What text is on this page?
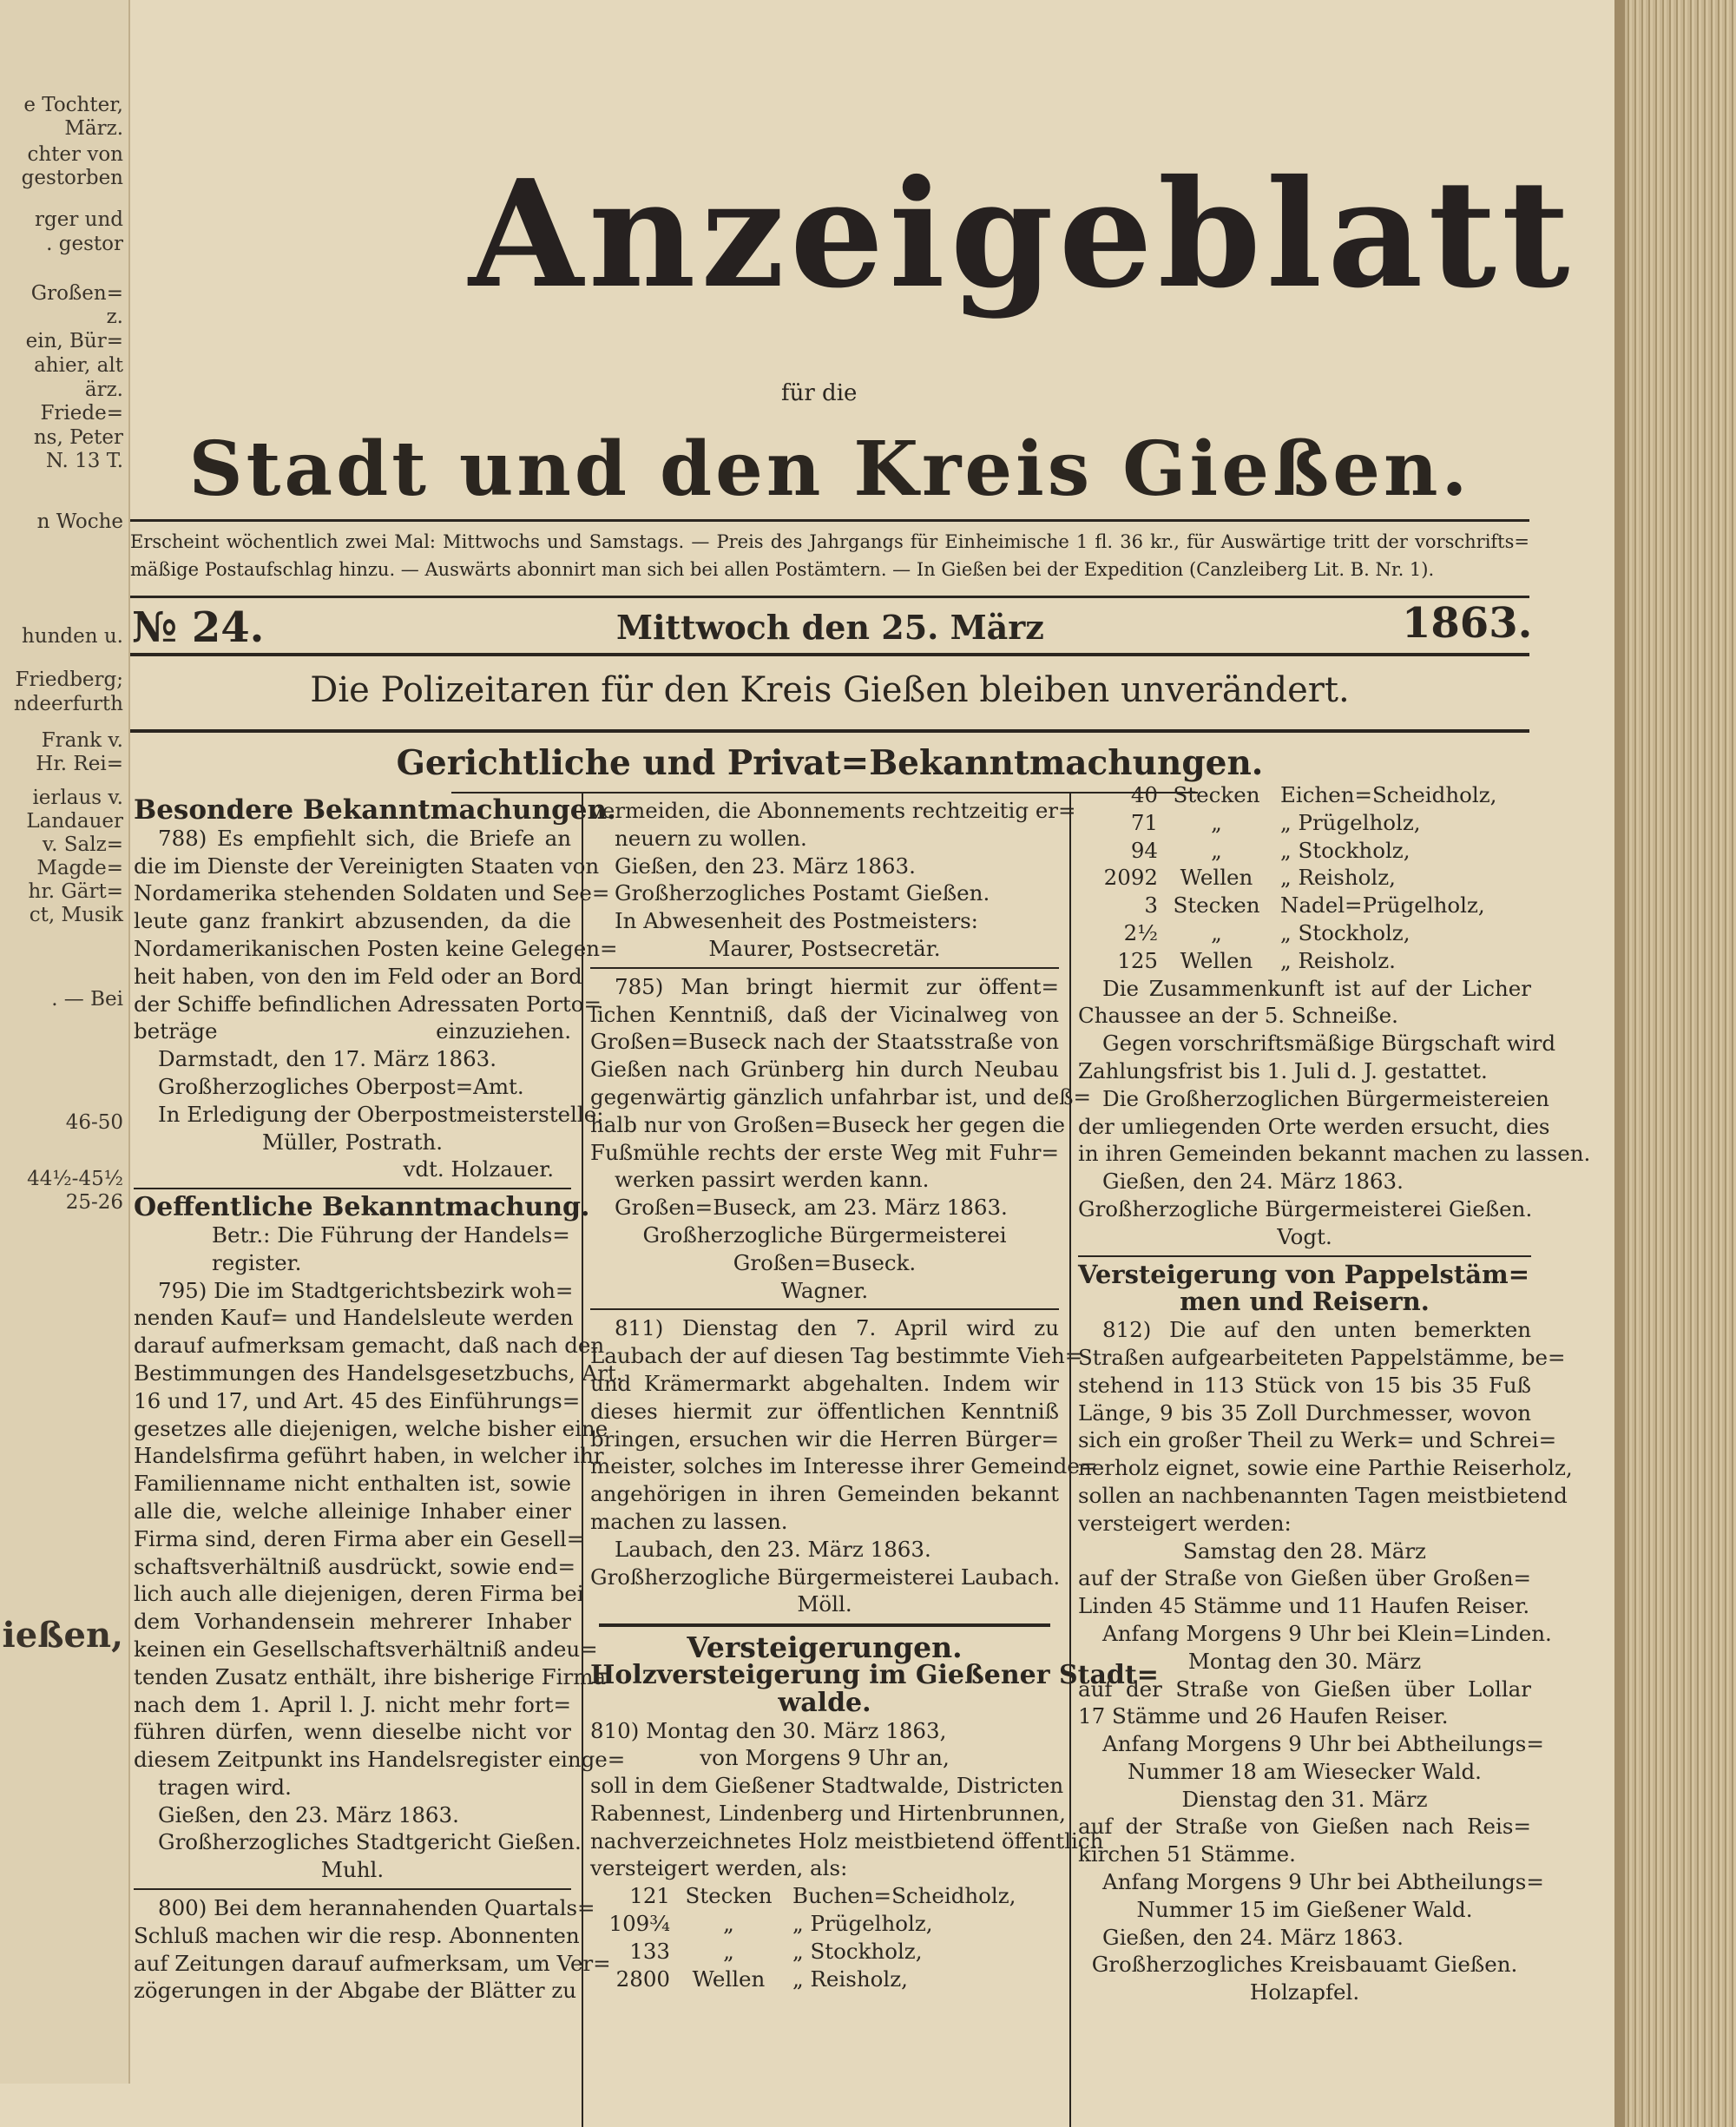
e Tochter,
März.
chter von
gestorben
rger und
. gestor
Großen=
z.
ein, Bür=
ahier, alt
ärz.
Friede=
ns, Peter
N. 13 T.
n Woche
hunden u.
Friedberg;
ndeerfurth
Frank v.
Hr. Rei=
ierlaus v.
Landauer
v. Salz=
Magde=
hr. Gärt=
ct, Musik
. — Bei
46-50
44½-45½
25-26
ießen,
Anzeigeblatt
für die
Stadt und den Kreis Gießen.
Erscheint wöchentlich zwei Mal: Mittwochs und Samstags. — Preis des Jahrgangs für Einheimische 1 fl. 36 kr., für Auswärtige tritt der vorschrifts= mäßige Postaufschlag hinzu. — Auswärts abonnirt man sich bei allen Postämtern. — In Gießen bei der Expedition (Canzleiberg Lit. B. Nr. 1).
№ 24.	Mittwoch den 25. März	1863.
Die Polizeitaren für den Kreis Gießen bleiben unverändert.
Gerichtliche und Privat=Bekanntmachungen.
Besondere Bekanntmachungen.
788) Es empfiehlt sich, die Briefe an
die im Dienste der Vereinigten Staaten von
Nordamerika stehenden Soldaten und See=
leute ganz frankirt abzusenden, da die
Nordamerikanischen Posten keine Gelegen=
heit haben, von den im Feld oder an Bord
der Schiffe befindlichen Adressaten Porto=
beträge einzuziehen.
Darmstadt, den 17. März 1863.
Großherzogliches Oberpost=Amt.
In Erledigung der Oberpostmeisterstelle:
Müller, Postrath.
vdt. Holzauer.
Oeffentliche Bekanntmachung.
Betr.: Die Führung der Handels=
register.
795) Die im Stadtgerichtsbezirk woh=
nenden Kauf= und Handelsleute werden
darauf aufmerksam gemacht, daß nach den
Bestimmungen des Handelsgesetzbuchs, Art.
16 und 17, und Art. 45 des Einführungs=
gesetzes alle diejenigen, welche bisher eine
Handelsfirma geführt haben, in welcher ihr
Familienname nicht enthalten ist, sowie
alle die, welche alleinige Inhaber einer
Firma sind, deren Firma aber ein Gesell=
schaftsverhältniß ausdrückt, sowie end=
lich auch alle diejenigen, deren Firma bei
dem Vorhandensein mehrerer Inhaber
keinen ein Gesellschaftsverhältniß andeu=
tenden Zusatz enthält, ihre bisherige Firma
nach dem 1. April l. J. nicht mehr fort=
führen dürfen, wenn dieselbe nicht vor
diesem Zeitpunkt ins Handelsregister einge=
tragen wird.
Gießen, den 23. März 1863.
Großherzogliches Stadtgericht Gießen.
Muhl.
800) Bei dem herannahenden Quartals=
Schluß machen wir die resp. Abonnenten
auf Zeitungen darauf aufmerksam, um Ver=
zögerungen in der Abgabe der Blätter zu
vermeiden, die Abonnements rechtzeitig er=
neuern zu wollen.
Gießen, den 23. März 1863.
Großherzogliches Postamt Gießen.
In Abwesenheit des Postmeisters:
Maurer, Postsecretär.
785) Man bringt hiermit zur öffent=
lichen Kenntniß, daß der Vicinalweg von
Großen=Buseck nach der Staatsstraße von
Gießen nach Grünberg hin durch Neubau
gegenwärtig gänzlich unfahrbar ist, und deß=
halb nur von Großen=Buseck her gegen die
Fußmühle rechts der erste Weg mit Fuhr=
werken passirt werden kann.
Großen=Buseck, am 23. März 1863.
Großherzogliche Bürgermeisterei
Großen=Buseck.
Wagner.
811) Dienstag den 7. April wird zu
Laubach der auf diesen Tag bestimmte Vieh=
und Krämermarkt abgehalten. Indem wir
dieses hiermit zur öffentlichen Kenntniß
bringen, ersuchen wir die Herren Bürger=
meister, solches im Interesse ihrer Gemeinde=
angehörigen in ihren Gemeinden bekannt
machen zu lassen.
Laubach, den 23. März 1863.
Großherzogliche Bürgermeisterei Laubach.
Möll.
Versteigerungen.
Holzversteigerung im Gießener Stadt=
walde.
810) Montag den 30. März 1863,
von Morgens 9 Uhr an,
soll in dem Gießener Stadtwalde, Districten
Rabennest, Lindenberg und Hirtenbrunnen,
nachverzeichnetes Holz meistbietend öffentlich
versteigert werden, als:
121	Stecken	Buchen=Scheidholz,
109¾	„	„ Prügelholz,
133	„	„ Stockholz,
2800	Wellen	„ Reisholz,
40	Stecken	Eichen=Scheidholz,
71	„	„ Prügelholz,
94	„	„ Stockholz,
2092	Wellen	„ Reisholz,
3	Stecken	Nadel=Prügelholz,
2½	„	„ Stockholz,
125	Wellen	„ Reisholz.
Die Zusammenkunft ist auf der Licher
Chaussee an der 5. Schneiße.
Gegen vorschriftsmäßige Bürgschaft wird
Zahlungsfrist bis 1. Juli d. J. gestattet.
Die Großherzoglichen Bürgermeistereien
der umliegenden Orte werden ersucht, dies
in ihren Gemeinden bekannt machen zu lassen.
Gießen, den 24. März 1863.
Großherzogliche Bürgermeisterei Gießen.
Vogt.
Versteigerung von Pappelstäm=
men und Reisern.
812) Die auf den unten bemerkten
Straßen aufgearbeiteten Pappelstämme, be=
stehend in 113 Stück von 15 bis 35 Fuß
Länge, 9 bis 35 Zoll Durchmesser, wovon
sich ein großer Theil zu Werk= und Schrei=
nerholz eignet, sowie eine Parthie Reiserholz,
sollen an nachbenannten Tagen meistbietend
versteigert werden:
Samstag den 28. März
auf der Straße von Gießen über Großen=
Linden 45 Stämme und 11 Haufen Reiser.
Anfang Morgens 9 Uhr bei Klein=Linden.
Montag den 30. März
auf der Straße von Gießen über Lollar
17 Stämme und 26 Haufen Reiser.
Anfang Morgens 9 Uhr bei Abtheilungs=
Nummer 18 am Wiesecker Wald.
Dienstag den 31. März
auf der Straße von Gießen nach Reis=
kirchen 51 Stämme.
Anfang Morgens 9 Uhr bei Abtheilungs=
Nummer 15 im Gießener Wald.
Gießen, den 24. März 1863.
Großherzogliches Kreisbauamt Gießen.
Holzapfel.
